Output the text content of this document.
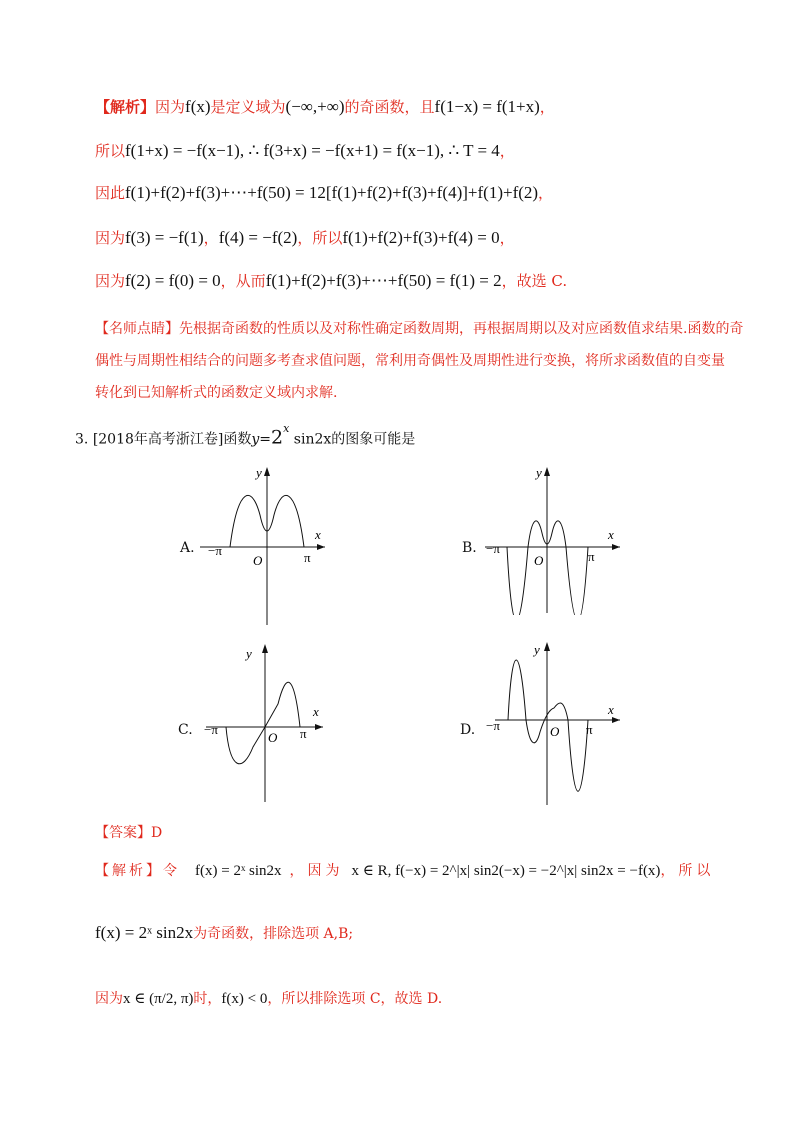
【解析】因为f(x)是定义域为(−∞,+∞)的奇函数，且f(1−x) = f(1+x)，
所以f(1+x) = −f(x−1), ∴ f(3+x) = −f(x+1) = f(x−1), ∴ T = 4，
因此f(1)+f(2)+f(3)+⋯+f(50) = 12[f(1)+f(2)+f(3)+f(4)]+f(1)+f(2)，
因为f(3) = −f(1)，f(4) = −f(2)，所以f(1)+f(2)+f(3)+f(4) = 0，
因为f(2) = f(0) = 0，从而f(1)+f(2)+f(3)+⋯+f(50) = f(1) = 2，故选 C.
【名师点睛】先根据奇函数的性质以及对称性确定函数周期，再根据周期以及对应函数值求结果.函数的奇
偶性与周期性相结合的问题多考查求值问题，常利用奇偶性及周期性进行变换，将所求函数值的自变量
转化到已知解析式的函数定义域内求解.
3. [2018年高考浙江卷]函数$y=2^x$ sin2x的图象可能是
A.
y
x
−π
O	π
B.
y
x
−π
O	π
C.
y
x
−π
O π	D.
y
x
−π	O π
【答案】D
【解析】令 f(x) = 2ˣ sin2x ，因为 x ∈ R, f(−x) = 2^|x| sin2(−x) = −2^|x| sin2x = −f(x)，所以
f(x) = 2ˣ sin2x为奇函数，排除选项 A,B;
因为x ∈ (π/2, π)时，f(x) < 0，所以排除选项 C，故选 D.
